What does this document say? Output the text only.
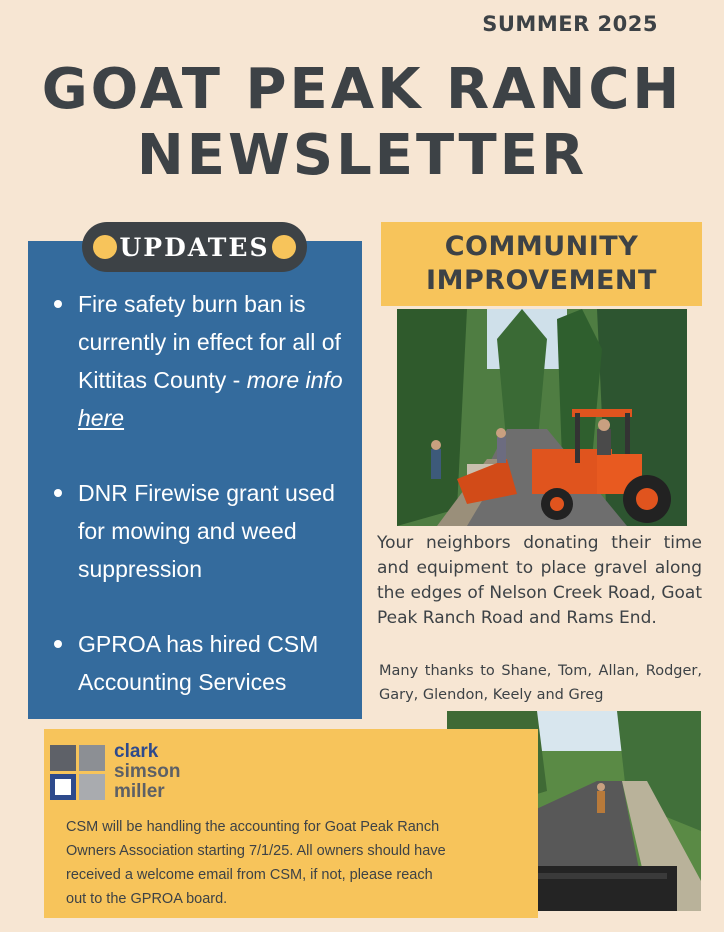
SUMMER 2025
GOAT PEAK RANCH
NEWSLETTER
UPDATES
Fire safety burn ban is currently in effect for all of Kittitas County - more info here
DNR Firewise grant used for mowing and weed suppression
GPROA has hired CSM Accounting Services
COMMUNITY
IMPROVEMENT
Your neighbors donating their time and equipment to place gravel along the edges of Nelson Creek Road, Goat Peak Ranch Road and Rams End.
Many thanks to Shane, Tom, Allan, Rodger, Gary, Glendon, Keely and Greg
clark
simson
miller
CSM will be handling the accounting for Goat Peak Ranch Owners Association starting 7/1/25. All owners should have received a welcome email from CSM, if not, please reach out to the GPROA board.
